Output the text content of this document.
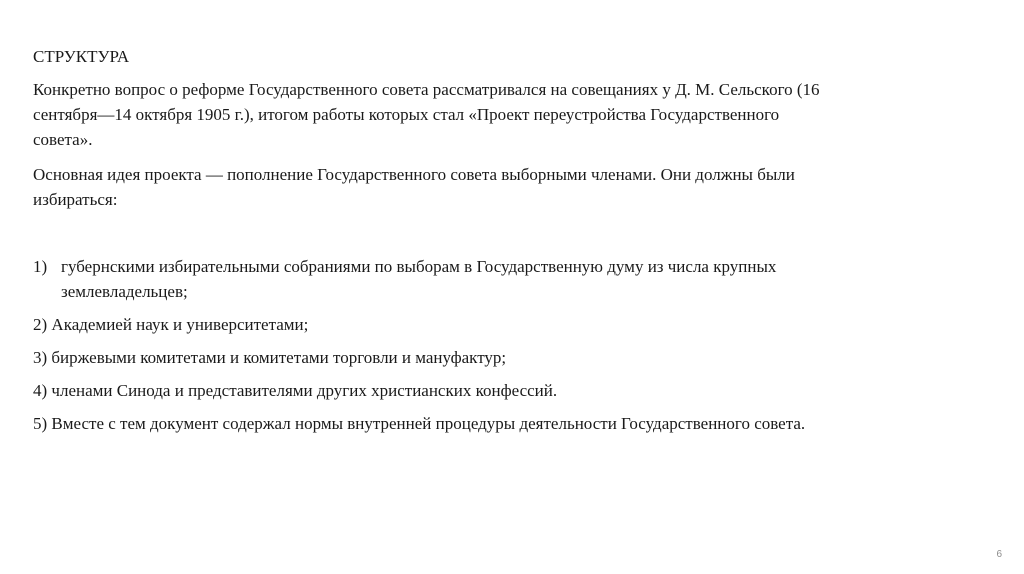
СТРУКТУРА

Конкретно вопрос о реформе Государственного совета рассматривался на совещаниях у Д. М. Сельского (16 сентября—14 октября 1905 г.), итогом работы которых стал «Проект переустройства Государственного совета».

Основная идея проекта — пополнение Государственного совета выборными членами. Они должны были избираться:

1) губернскими избирательными собраниями по выборам в Государственную думу из числа крупных землевладельцев;

2) Академией наук и университетами;

3) биржевыми комитетами и комитетами торговли и мануфактур;

4) членами Синода и представителями других христианских конфессий.

5) Вместе с тем документ содержал нормы внутренней процедуры деятельности Государственного совета.

6
